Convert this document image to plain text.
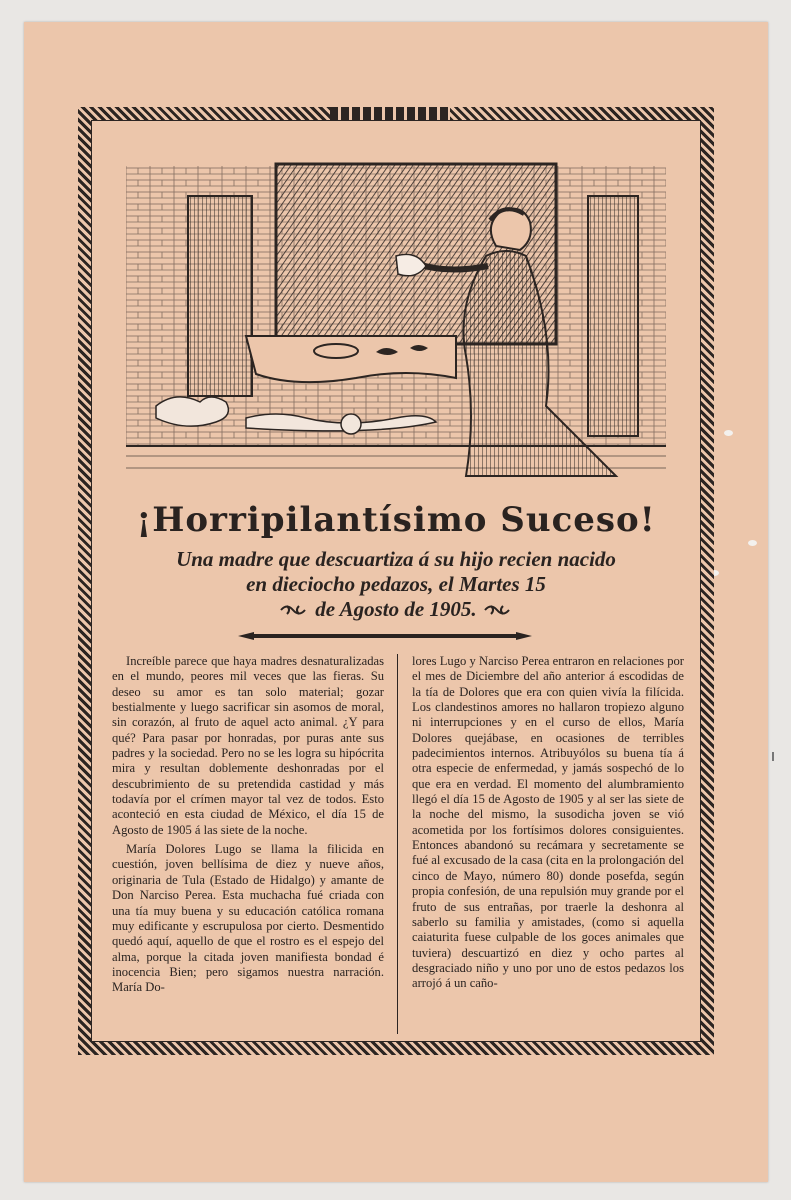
¡Horripilantísimo Suceso!
Una madre que descuartiza á su hijo recien nacido
en dieciocho pedazos, el Martes 15
de Agosto de 1905.

Increíble parece que haya madres desnaturalizadas en el mundo, peores mil veces que las fieras. Su deseo su amor es tan solo material; gozar bestialmente y luego sacrificar sin asomos de moral, sin corazón, al fruto de aquel acto animal. ¿Y para qué? Para pasar por honradas, por puras ante sus padres y la sociedad. Pero no se les logra su hipócrita mira y resultan doblemente deshonradas por el descubrimiento de su pretendida castidad y más todavía por el crímen mayor tal vez de todos. Esto aconteció en esta ciudad de México, el día 15 de Agosto de 1905 á las siete de la noche.

María Dolores Lugo se llama la filicida en cuestión, joven bellísima de diez y nueve años, originaria de Tula (Estado de Hidalgo) y amante de Don Narciso Perea. Esta muchacha fué criada con una tía muy buena y su educación católica romana muy edificante y escrupulosa por cierto. Desmentido quedó aquí, aquello de que el rostro es el espejo del alma, porque la citada joven manifiesta bondad é inocencia Bien; pero sigamos nuestra narración. María Do-

lores Lugo y Narciso Perea entraron en relaciones por el mes de Diciembre del año anterior á escodidas de la tía de Dolores que era con quien vivía la filícida. Los clandestinos amores no hallaron tropiezo alguno ni interrupciones y en el curso de ellos, María Dolores quejábase, en ocasiones de terribles padecimientos internos. Atribuyólos su buena tía á otra especie de enfermedad, y jamás sospechó de lo que era en verdad. El momento del alumbramiento llegó el día 15 de Agosto de 1905 y al ser las siete de la noche del mismo, la susodicha joven se vió acometida por los fortísimos dolores consiguientes. Entonces abandonó su recámara y secretamente se fué al excusado de la casa (cita en la prolongación del cinco de Mayo, número 80) donde posefda, según propia confesión, de una repulsión muy grande por el fruto de sus entrañas, por traerle la deshonra al saberlo su familia y amistades, (como si aquella caiaturita fuese culpable de los goces animales que tuviera) descuartizó en diez y ocho partes al desgraciado niño y uno por uno de estos pedazos los arrojó á un caño-
